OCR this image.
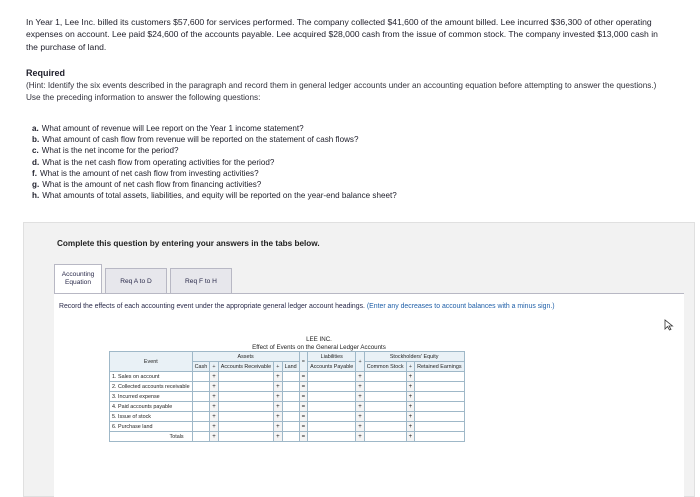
In Year 1, Lee Inc. billed its customers $57,600 for services performed. The company collected $41,600 of the amount billed. Lee incurred $36,300 of other operating expenses on account. Lee paid $24,600 of the accounts payable. Lee acquired $28,000 cash from the issue of common stock. The company invested $13,000 cash in the purchase of land.
Required
(Hint: Identify the six events described in the paragraph and record them in general ledger accounts under an accounting equation before attempting to answer the questions.) Use the preceding information to answer the following questions:
a. What amount of revenue will Lee report on the Year 1 income statement?
b. What amount of cash flow from revenue will be reported on the statement of cash flows?
c. What is the net income for the period?
d. What is the net cash flow from operating activities for the period?
f. What is the amount of net cash flow from investing activities?
g. What is the amount of net cash flow from financing activities?
h. What amounts of total assets, liabilities, and equity will be reported on the year-end balance sheet?
Complete this question by entering your answers in the tabs below.
Accounting Equation	Req A to D	Req F to H
Record the effects of each accounting event under the appropriate general ledger account headings. (Enter any decreases to account balances with a minus sign.)
LEE INC.
Effect of Events on the General Ledger Accounts
Event	Assets					=	Liabilities	+	Stockholders' Equity		
	Cash	+	Accounts Receivable	+	Land		Accounts Payable		Common Stock	+	Retained Earnings
1. Sales on account		+		+		=		+		+	
2. Collected accounts receivable		+		+		=		+		+	
3. Incurred expense		+		+		=		+		+	
4. Paid accounts payable		+		+		=		+		+	
5. Issue of stock		+		+		=		+		+	
6. Purchase land		+		+		=		+		+	
Totals		+		+		=		+		+	
